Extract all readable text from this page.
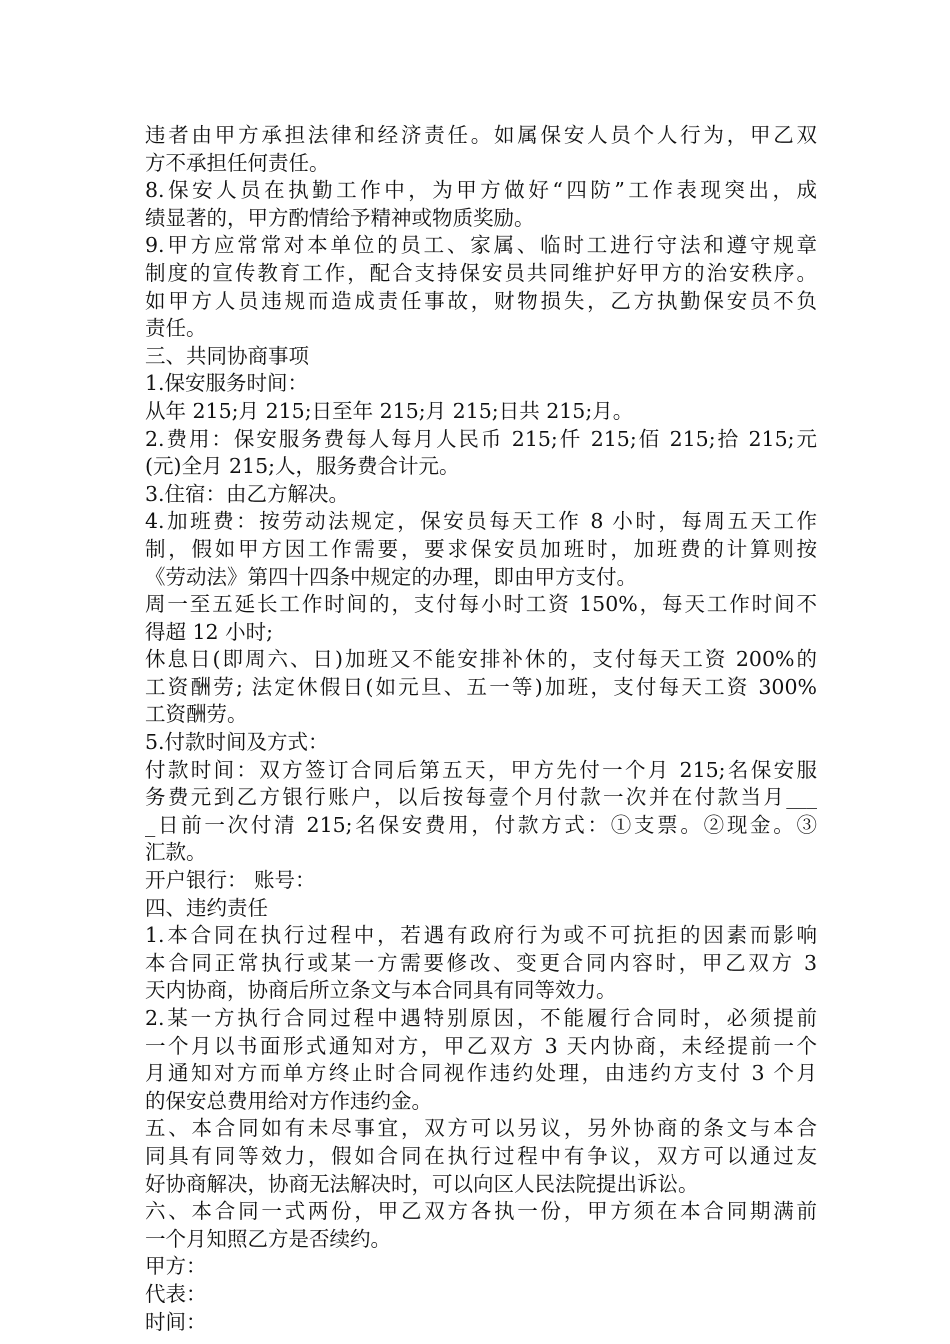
违者由甲方承担法律和经济责任。如属保安人员个人行为，甲乙双
方不承担任何责任。
8.保安人员在执勤工作中，为甲方做好“四防”工作表现突出，成
绩显著的，甲方酌情给予精神或物质奖励。
9.甲方应常常对本单位的员工、家属、临时工进行守法和遵守规章
制度的宣传教育工作，配合支持保安员共同维护好甲方的治安秩序。
如甲方人员违规而造成责任事故，财物损失，乙方执勤保安员不负
责任。
三、共同协商事项
1.保安服务时间：
从年 215;月 215;日至年 215;月 215;日共 215;月。
2.费用：保安服务费每人每月人民币 215;仟 215;佰 215;拾 215;元
(元)全月 215;人，服务费合计元。
3.住宿：由乙方解决。
4.加班费：按劳动法规定，保安员每天工作 8 小时，每周五天工作
制，假如甲方因工作需要，要求保安员加班时，加班费的计算则按
《劳动法》第四十四条中规定的办理，即由甲方支付。
周一至五延长工作时间的，支付每小时工资 150%，每天工作时间不
得超 12 小时;
休息日(即周六、日)加班又不能安排补休的，支付每天工资 200%的
工资酬劳; 法定休假日(如元旦、五一等)加班，支付每天工资 300%
工资酬劳。
5.付款时间及方式：
付款时间：双方签订合同后第五天，甲方先付一个月 215;名保安服
务费元到乙方银行账户，以后按每壹个月付款一次并在付款当月___
_日前一次付清 215;名保安费用，付款方式：①支票。②现金。③
汇款。
开户银行： 账号：
四、违约责任
1.本合同在执行过程中，若遇有政府行为或不可抗拒的因素而影响
本合同正常执行或某一方需要修改、变更合同内容时，甲乙双方 3
天内协商，协商后所立条文与本合同具有同等效力。
2.某一方执行合同过程中遇特别原因，不能履行合同时，必须提前
一个月以书面形式通知对方，甲乙双方 3 天内协商，未经提前一个
月通知对方而单方终止时合同视作违约处理，由违约方支付 3 个月
的保安总费用给对方作违约金。
五、本合同如有未尽事宜，双方可以另议，另外协商的条文与本合
同具有同等效力，假如合同在执行过程中有争议，双方可以通过友
好协商解决，协商无法解决时，可以向区人民法院提出诉讼。
六、本合同一式两份，甲乙双方各执一份，甲方须在本合同期满前
一个月知照乙方是否续约。
甲方：
代表：
时间：
